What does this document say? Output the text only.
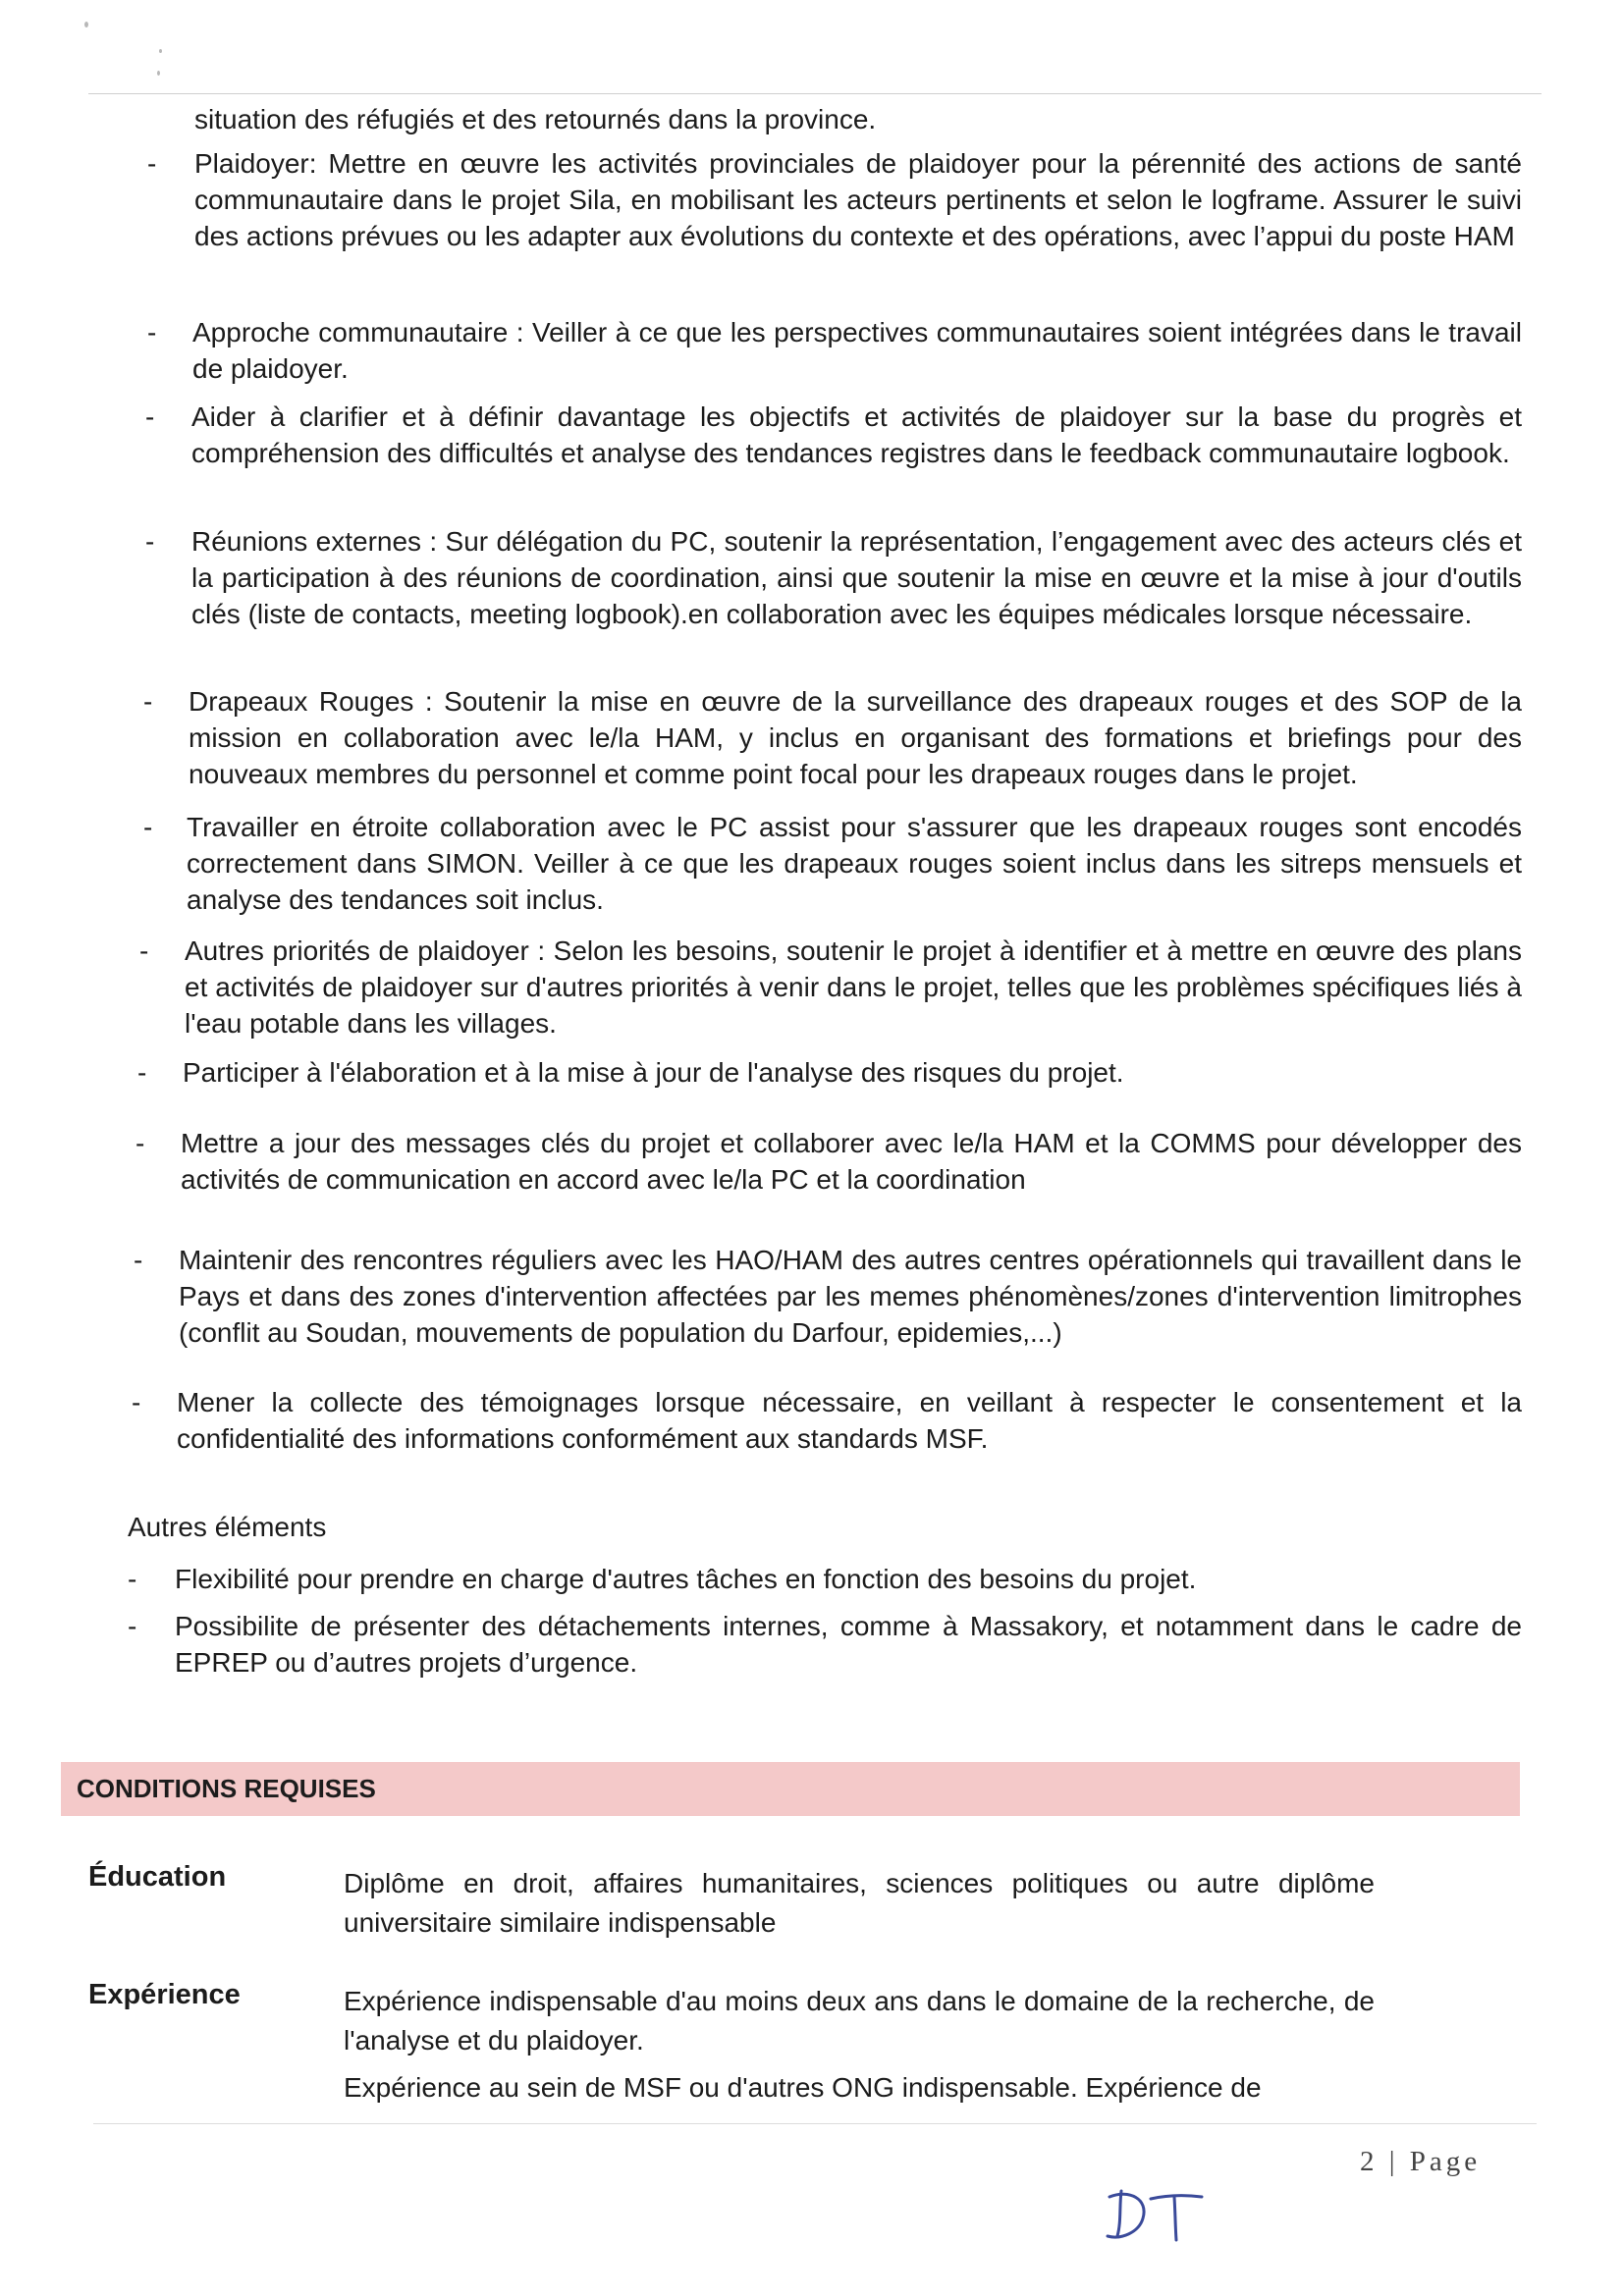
situation des réfugiés et des retournés dans la province.
- Plaidoyer: Mettre en œuvre les activités provinciales de plaidoyer pour la pérennité des actions de santé communautaire dans le projet Sila, en mobilisant les acteurs pertinents et selon le logframe. Assurer le suivi des actions prévues ou les adapter aux évolutions du contexte et des opérations, avec l’appui du poste HAM
- Approche communautaire : Veiller à ce que les perspectives communautaires soient intégrées dans le travail de plaidoyer.
- Aider à clarifier et à définir davantage les objectifs et activités de plaidoyer sur la base du progrès et compréhension des difficultés et analyse des tendances registres dans le feedback communautaire logbook.
- Réunions externes : Sur délégation du PC, soutenir la représentation, l’engagement avec des acteurs clés et la participation à des réunions de coordination, ainsi que soutenir la mise en œuvre et la mise à jour d'outils clés (liste de contacts, meeting logbook).en collaboration avec les équipes médicales lorsque nécessaire.
- Drapeaux Rouges : Soutenir la mise en œuvre de la surveillance des drapeaux rouges et des SOP de la mission en collaboration avec le/la HAM, y inclus en organisant des formations et briefings pour des nouveaux membres du personnel et comme point focal pour les drapeaux rouges dans le projet.
- Travailler en étroite collaboration avec le PC assist pour s'assurer que les drapeaux rouges sont encodés correctement dans SIMON. Veiller à ce que les drapeaux rouges soient inclus dans les sitreps mensuels et analyse des tendances soit inclus.
- Autres priorités de plaidoyer : Selon les besoins, soutenir le projet à identifier et à mettre en œuvre des plans et activités de plaidoyer sur d'autres priorités à venir dans le projet, telles que les problèmes spécifiques liés à l'eau potable dans les villages.
- Participer à l'élaboration et à la mise à jour de l'analyse des risques du projet.
- Mettre a jour des messages clés du projet et collaborer avec le/la HAM et la COMMS pour développer des activités de communication en accord avec le/la PC et la coordination
- Maintenir des rencontres réguliers avec les HAO/HAM des autres centres opérationnels qui travaillent dans le Pays et dans des zones d'intervention affectées par les memes phénomènes/zones d'intervention limitrophes (conflit au Soudan, mouvements de population du Darfour, epidemies,...)
- Mener la collecte des témoignages lorsque nécessaire, en veillant à respecter le consentement et la confidentialité des informations conformément aux standards MSF.
Autres éléments
- Flexibilité pour prendre en charge d'autres tâches en fonction des besoins du projet.
- Possibilite de présenter des détachements internes, comme à Massakory, et notamment dans le cadre de EPREP ou d’autres projets d’urgence.
CONDITIONS REQUISES
Éducation	Diplôme en droit, affaires humanitaires, sciences politiques ou autre diplôme universitaire similaire indispensable
Expérience	Expérience indispensable d'au moins deux ans dans le domaine de la recherche, de l'analyse et du plaidoyer.
Expérience au sein de MSF ou d'autres ONG indispensable. Expérience de
2 | Page
